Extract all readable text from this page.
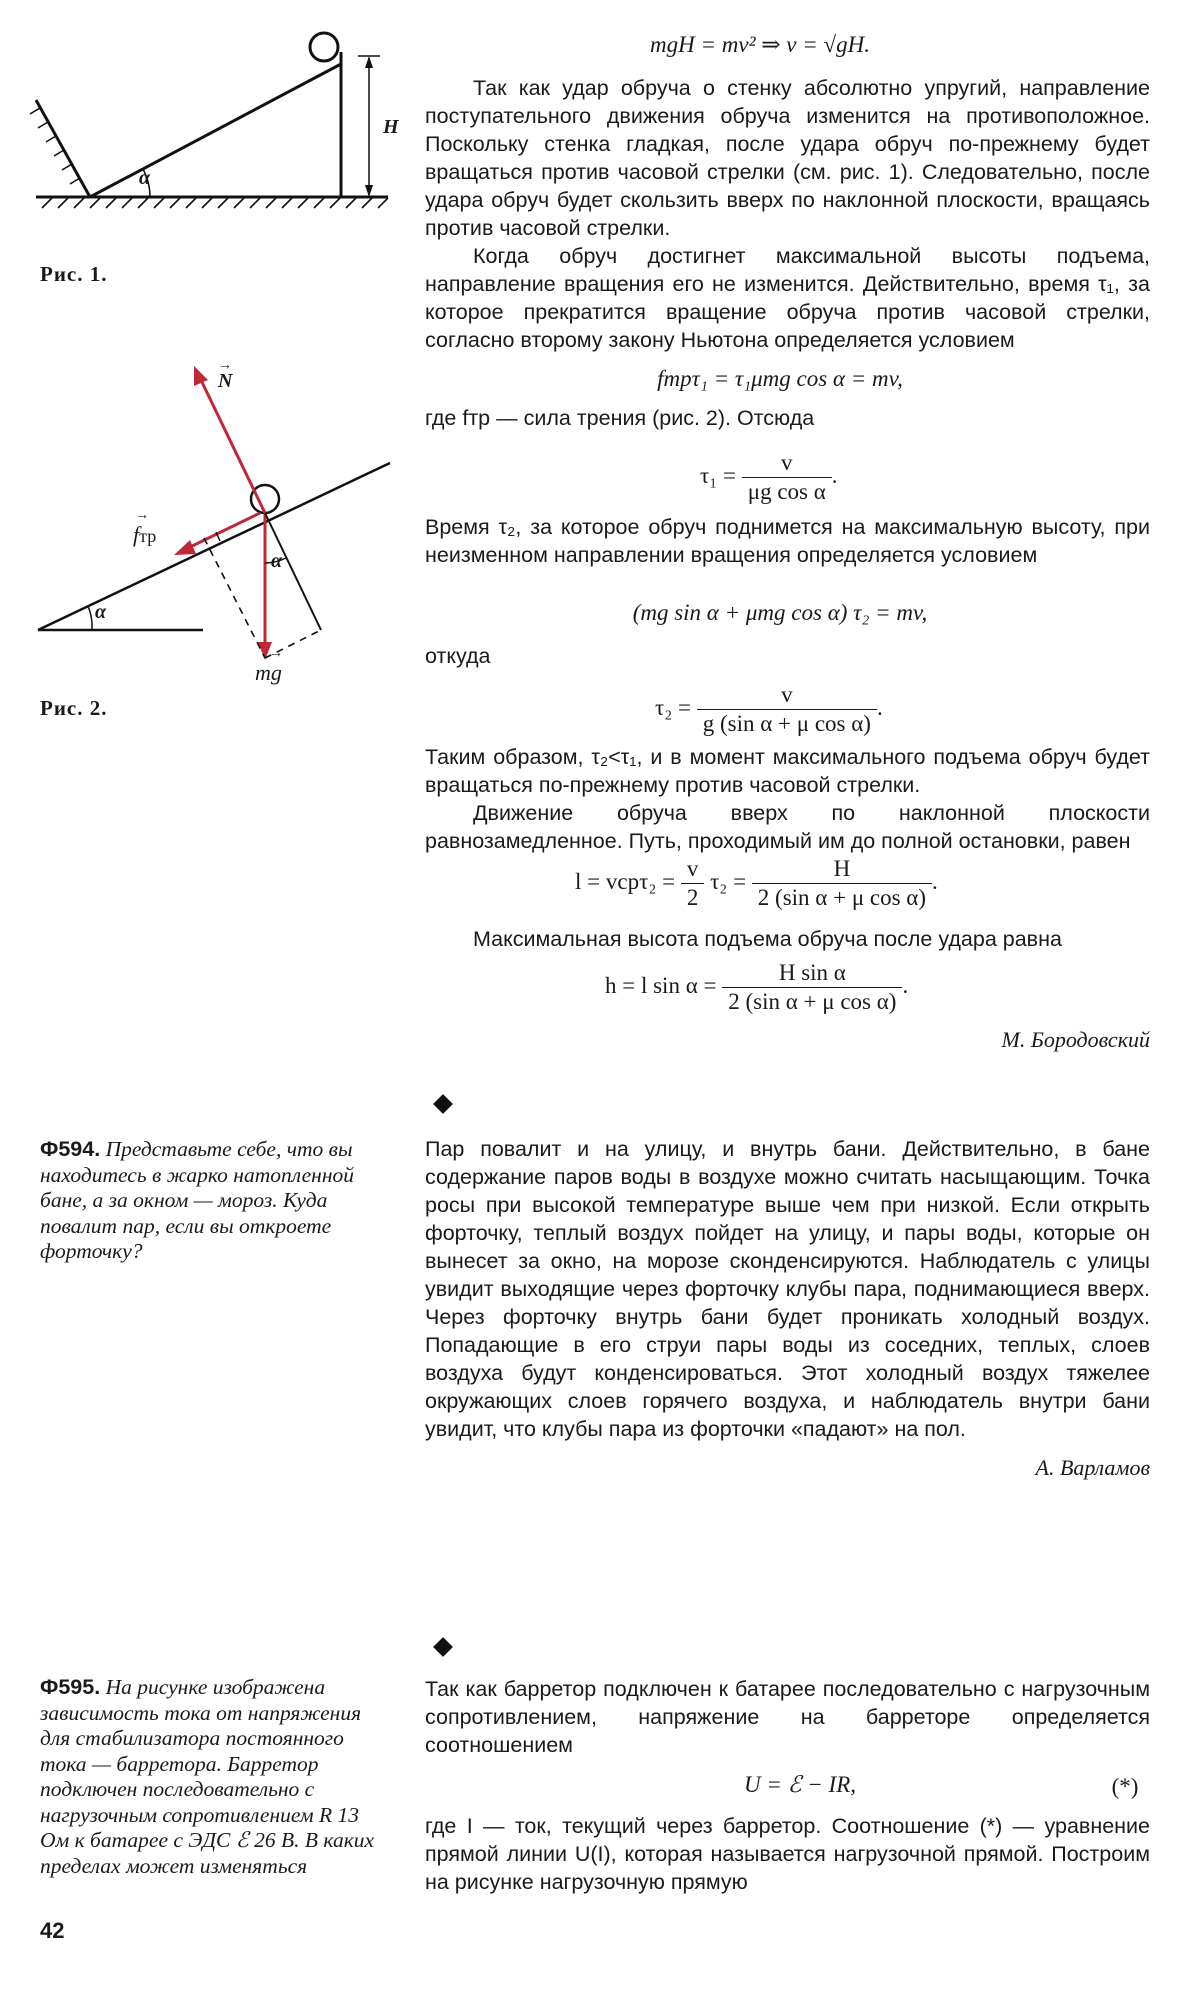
α
H
Рис. 1.
→
N
→
fтр
→
mg
α
α
Рис. 2.
mgH = mv² ⇒ v = √gH.

Так как удар обруча о стенку абсолютно упругий, направление поступательного движения обруча изменится на противоположное. Поскольку стенка гладкая, после удара обруч по-прежнему будет вращаться против часовой стрелки (см. рис. 1). Следовательно, после удара обруч будет скользить вверх по наклонной плоскости, вращаясь против часовой стрелки.

Когда обруч достигнет максимальной высоты подъема, направление вращения его не изменится. Действительно, время τ₁, за которое прекратится вращение обруча против часовой стрелки, согласно второму закону Ньютона определяется условием

fтрτ₁ = τ₁μmg cos α = mv,

где fтр — сила трения (рис. 2). Отсюда

$\tau_1 = \frac{v}{\text{μg cos α}}$ .

Время τ₂, за которое обруч поднимется на максимальную высоту, при неизменном направлении вращения определяется условием

(mg sin α + μmg cos α) τ₂ = mv,

откуда

$\tau_2 = \frac{v}{\text{g (sin α + μ cos α)}}$ .

Таким образом, τ₂<τ₁, и в момент максимального подъема обруч будет вращаться по-прежнему против часовой стрелки.

Движение обруча вверх по наклонной плоскости равнозамедленное. Путь, проходимый им до полной остановки, равен

$l = vср\tau_2 = \frac{v}{2} \tau_2 = \frac{H}{\text{2 (sin α + μ cos α)}}$ .

Максимальная высота подъема обруча после удара равна

h = l $\sin \alpha = \frac{\text{H sin α}}{\text{2 (sin α + μ cos α)}}$ .
М. Бородовский

Ф594. Представьте себе, что вы находитесь в жарко натопленной бане, а за окном — мороз. Куда повалит пар, если вы откроете форточку?

Пар повалит и на улицу, и внутрь бани. Действительно, в бане содержание паров воды в воздухе можно считать насыщающим. Точка росы при высокой температуре выше чем при низкой. Если открыть форточку, теплый воздух пойдет на улицу, и пары воды, которые он вынесет за окно, на морозе сконденсируются. Наблюдатель с улицы увидит выходящие через форточку клубы пара, поднимающиеся вверх. Через форточку внутрь бани будет проникать холодный воздух. Попадающие в его струи пары воды из соседних, теплых, слоев воздуха будут конденсироваться. Этот холодный воздух тяжелее окружающих слоев горячего воздуха, и наблюдатель внутри бани увидит, что клубы пара из форточки «падают» на пол.

А. Варламов

Ф595. На рисунке изображена зависимость тока от напряжения для стабилизатора постоянного тока — барретора. Барретор подключен последовательно с нагрузочным сопротивлением R 13 Ом к батарее с ЭДС ℰ 26 В. В каких пределах может изменяться

Так как барретор подключен к батарее последовательно с нагрузочным сопротивлением, напряжение на барреторе определяется соотношением

U = ℰ − IR,	(*)

где I — ток, текущий через барретор. Соотношение (*) — уравнение прямой линии U(I), которая называется нагрузочной прямой. Построим на рисунке нагрузочную прямую

42
